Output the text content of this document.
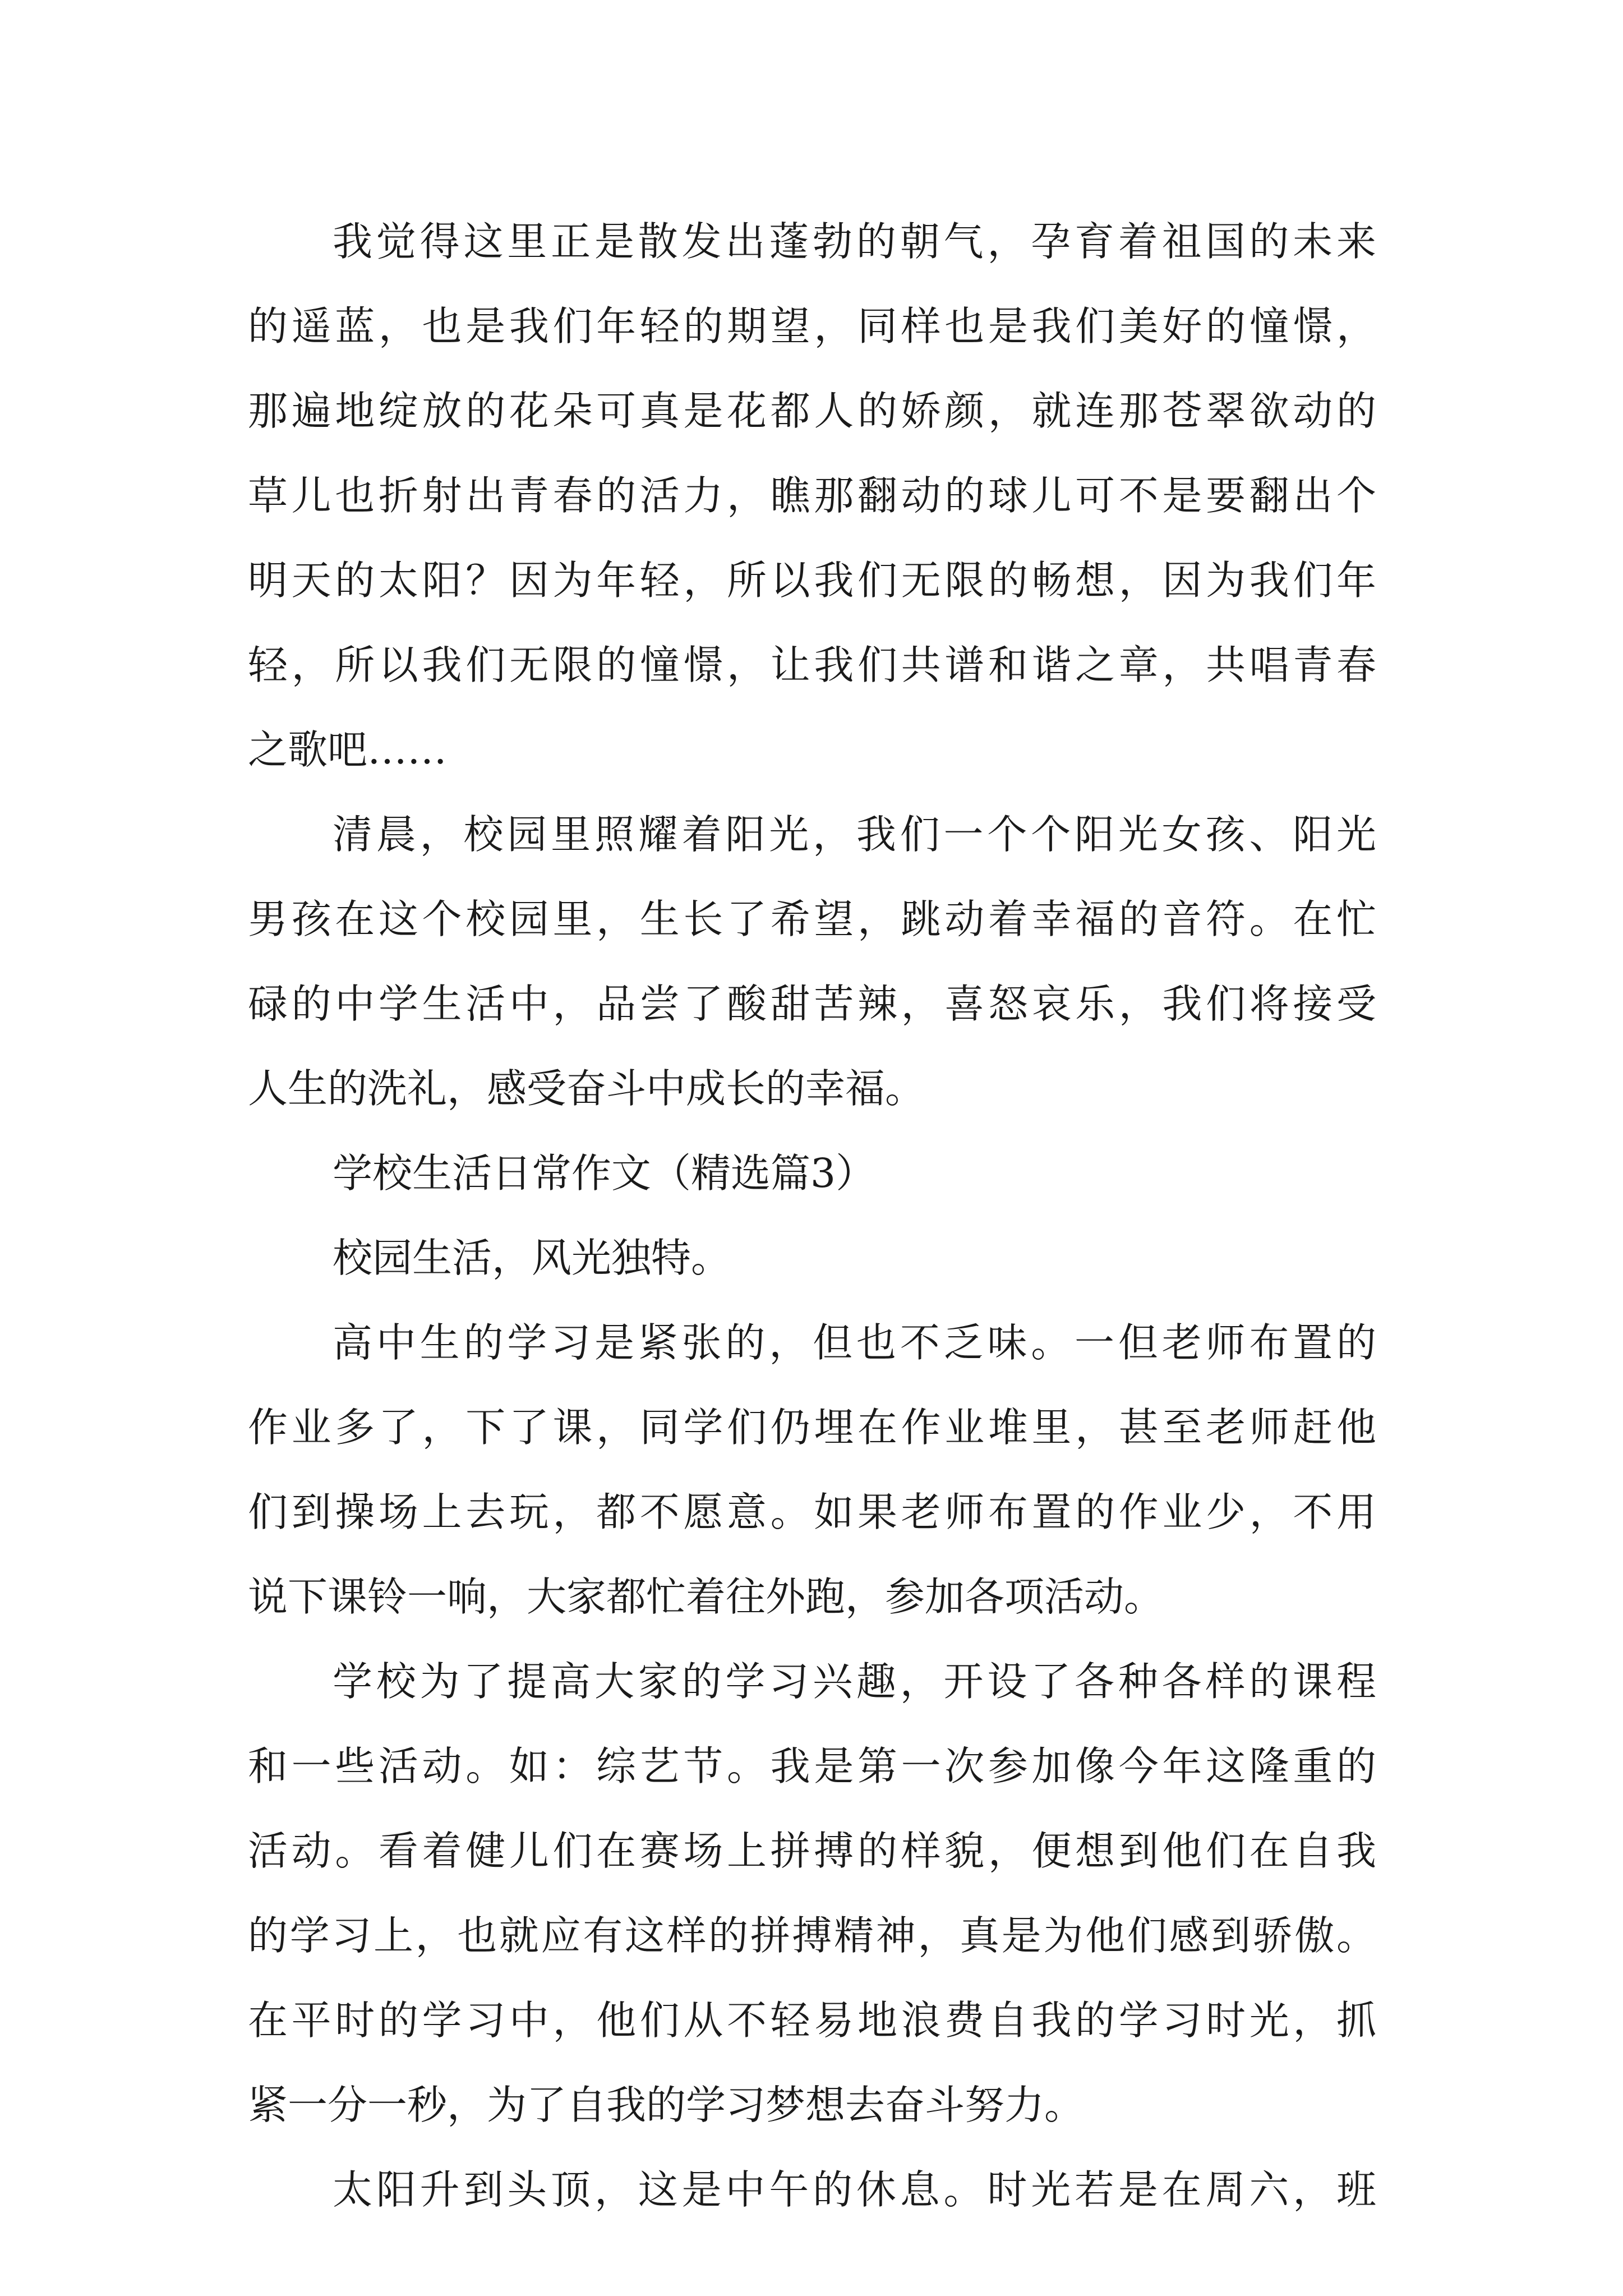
我觉得这里正是散发出蓬勃的朝气，孕育着祖国的未来
的遥蓝，也是我们年轻的期望，同样也是我们美好的憧憬，
那遍地绽放的花朵可真是花都人的娇颜，就连那苍翠欲动的
草儿也折射出青春的活力，瞧那翻动的球儿可不是要翻出个
明天的太阳？因为年轻，所以我们无限的畅想，因为我们年
轻，所以我们无限的憧憬，让我们共谱和谐之章，共唱青春
之歌吧……
清晨，校园里照耀着阳光，我们一个个阳光女孩、阳光
男孩在这个校园里，生长了希望，跳动着幸福的音符。在忙
碌的中学生活中，品尝了酸甜苦辣，喜怒哀乐，我们将接受
人生的洗礼，感受奋斗中成长的幸福。
学校生活日常作文（精选篇3）
校园生活，风光独特。
高中生的学习是紧张的，但也不乏味。一但老师布置的
作业多了，下了课，同学们仍埋在作业堆里，甚至老师赶他
们到操场上去玩，都不愿意。如果老师布置的作业少，不用
说下课铃一响，大家都忙着往外跑，参加各项活动。
学校为了提高大家的学习兴趣，开设了各种各样的课程
和一些活动。如：综艺节。我是第一次参加像今年这隆重的
活动。看着健儿们在赛场上拼搏的样貌，便想到他们在自我
的学习上，也就应有这样的拼搏精神，真是为他们感到骄傲。
在平时的学习中，他们从不轻易地浪费自我的学习时光，抓
紧一分一秒，为了自我的学习梦想去奋斗努力。
太阳升到头顶，这是中午的休息。时光若是在周六，班
